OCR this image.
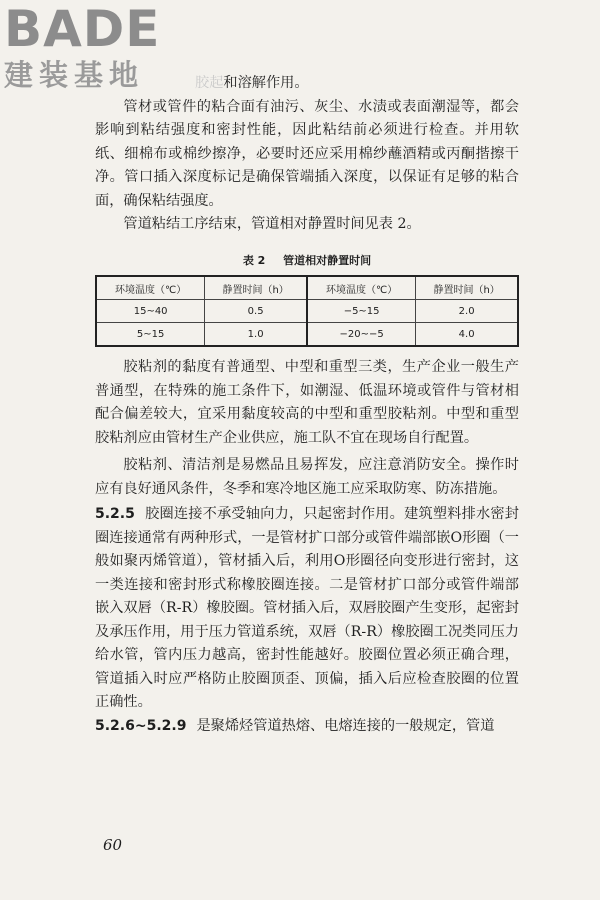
BADE
建装基地	胶起和溶解作用。

管材或管件的粘合面有油污、灰尘、水渍或表面潮湿等，都会影响到粘结强度和密封性能，因此粘结前必须进行检查。并用软纸、细棉布或棉纱擦净，必要时还应采用棉纱蘸酒精或丙酮揩擦干净。管口插入深度标记是确保管端插入深度，以保证有足够的粘合面，确保粘结强度。

管道粘结工序结束，管道相对静置时间见表 2。

表 2 管道相对静置时间
环境温度（℃）	静置时间（h）	环境温度（℃）	静置时间（h）
15~40	0.5	−5~15	2.0
5~15	1.0	−20~−5	4.0

胶粘剂的黏度有普通型、中型和重型三类，生产企业一般生产普通型，在特殊的施工条件下，如潮湿、低温环境或管件与管材相配合偏差较大，宜采用黏度较高的中型和重型胶粘剂。中型和重型胶粘剂应由管材生产企业供应，施工队不宜在现场自行配置。

胶粘剂、清洁剂是易燃品且易挥发，应注意消防安全。操作时应有良好通风条件，冬季和寒冷地区施工应采取防寒、防冻措施。

5.2.5 胶圈连接不承受轴向力，只起密封作用。建筑塑料排水密封圈连接通常有两种形式，一是管材扩口部分或管件端部嵌O形圈（一般如聚丙烯管道），管材插入后，利用O形圈径向变形进行密封，这一类连接和密封形式称橡胶圈连接。二是管材扩口部分或管件端部嵌入双唇（R-R）橡胶圈。管材插入后，双唇胶圈产生变形，起密封及承压作用，用于压力管道系统，双唇（R-R）橡胶圈工况类同压力给水管，管内压力越高，密封性能越好。胶圈位置必须正确合理，管道插入时应严格防止胶圈顶歪、顶偏，插入后应检查胶圈的位置正确性。

5.2.6~5.2.9 是聚烯烃管道热熔、电熔连接的一般规定，管道

60
